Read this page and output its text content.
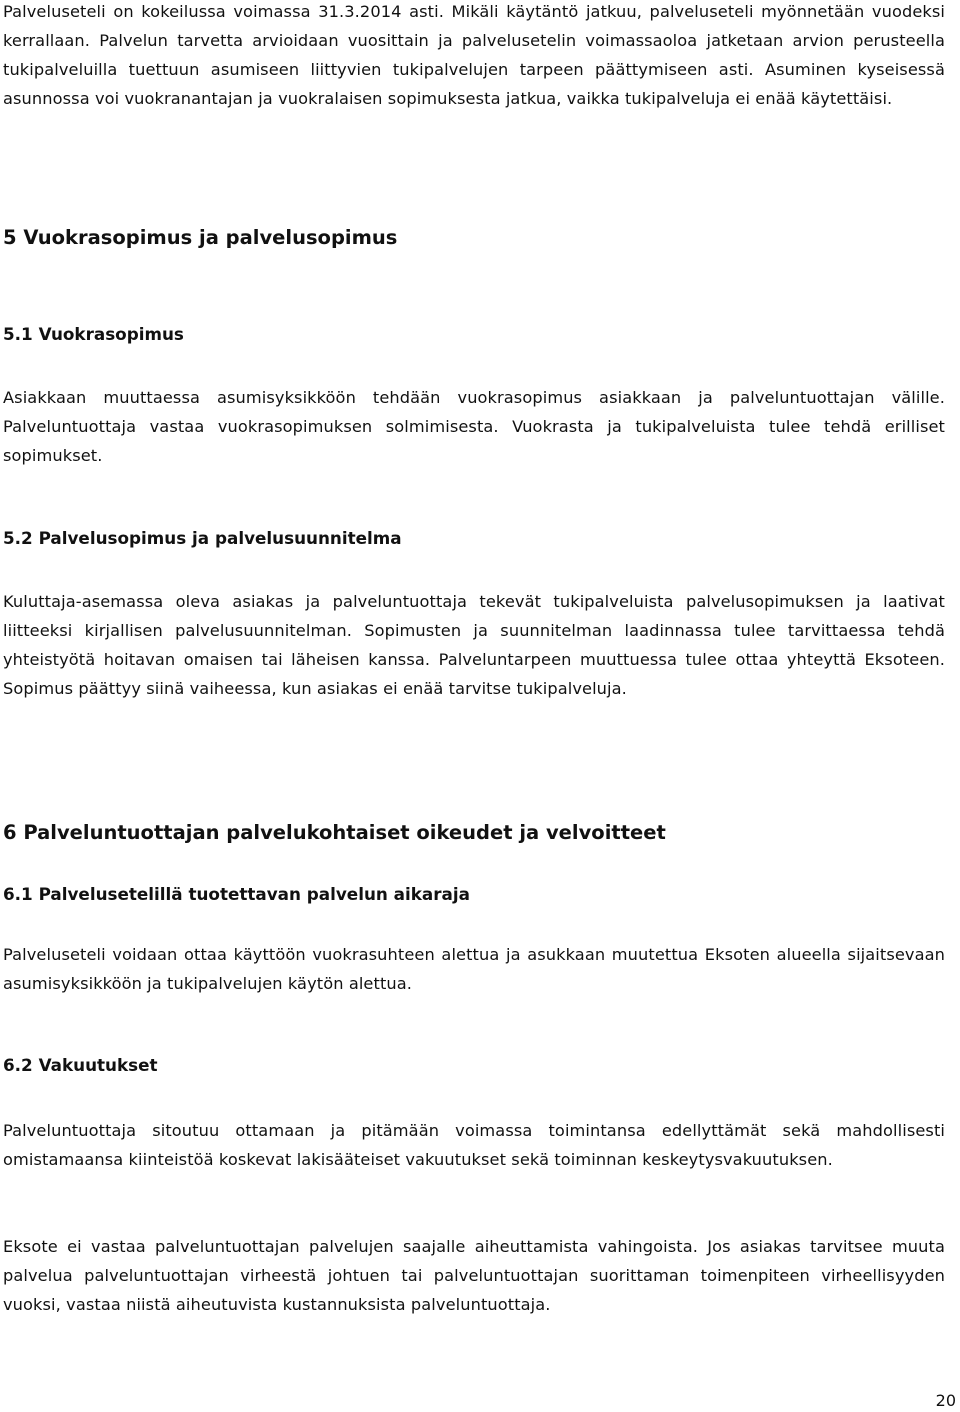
Palveluseteli on kokeilussa voimassa 31.3.2014 asti. Mikäli käytäntö jatkuu, palveluseteli myönnetään vuodeksi kerrallaan. Palvelun tarvetta arvioidaan vuosittain ja palvelusetelin voimassaoloa jatketaan arvion perusteella tukipalveluilla tuettuun asumiseen liittyvien tukipalvelujen tarpeen päättymiseen asti. Asuminen kyseisessä asunnossa voi vuokranantajan ja vuokralaisen sopimuksesta jatkua, vaikka tukipalveluja ei enää käytettäisi.

5 Vuokrasopimus ja palvelusopimus
5.1 Vuokrasopimus

Asiakkaan muuttaessa asumisyksikköön tehdään vuokrasopimus asiakkaan ja palveluntuottajan välille. Palveluntuottaja vastaa vuokrasopimuksen solmimisesta. Vuokrasta ja tukipalveluista tulee tehdä erilliset sopimukset.

5.2 Palvelusopimus ja palvelusuunnitelma

Kuluttaja-asemassa oleva asiakas ja palveluntuottaja tekevät tukipalveluista palvelusopimuksen ja laativat liitteeksi kirjallisen palvelusuunnitelman. Sopimusten ja suunnitelman laadinnassa tulee tarvittaessa tehdä yhteistyötä hoitavan omaisen tai läheisen kanssa. Palveluntarpeen muuttuessa tulee ottaa yhteyttä Eksoteen. Sopimus päättyy siinä vaiheessa, kun asiakas ei enää tarvitse tukipalveluja.

6 Palveluntuottajan palvelukohtaiset oikeudet ja velvoitteet
6.1 Palvelusetelillä tuotettavan palvelun aikaraja

Palveluseteli voidaan ottaa käyttöön vuokrasuhteen alettua ja asukkaan muutettua Eksoten alueella sijaitsevaan asumisyksikköön ja tukipalvelujen käytön alettua.

6.2 Vakuutukset

Palveluntuottaja sitoutuu ottamaan ja pitämään voimassa toimintansa edellyttämät sekä mahdollisesti omistamaansa kiinteistöä koskevat lakisääteiset vakuutukset sekä toiminnan keskeytysvakuutuksen.

Eksote ei vastaa palveluntuottajan palvelujen saajalle aiheuttamista vahingoista. Jos asiakas tarvitsee muuta palvelua palveluntuottajan virheestä johtuen tai palveluntuottajan suorittaman toimenpiteen virheellisyyden vuoksi, vastaa niistä aiheutuvista kustannuksista palveluntuottaja.

20
